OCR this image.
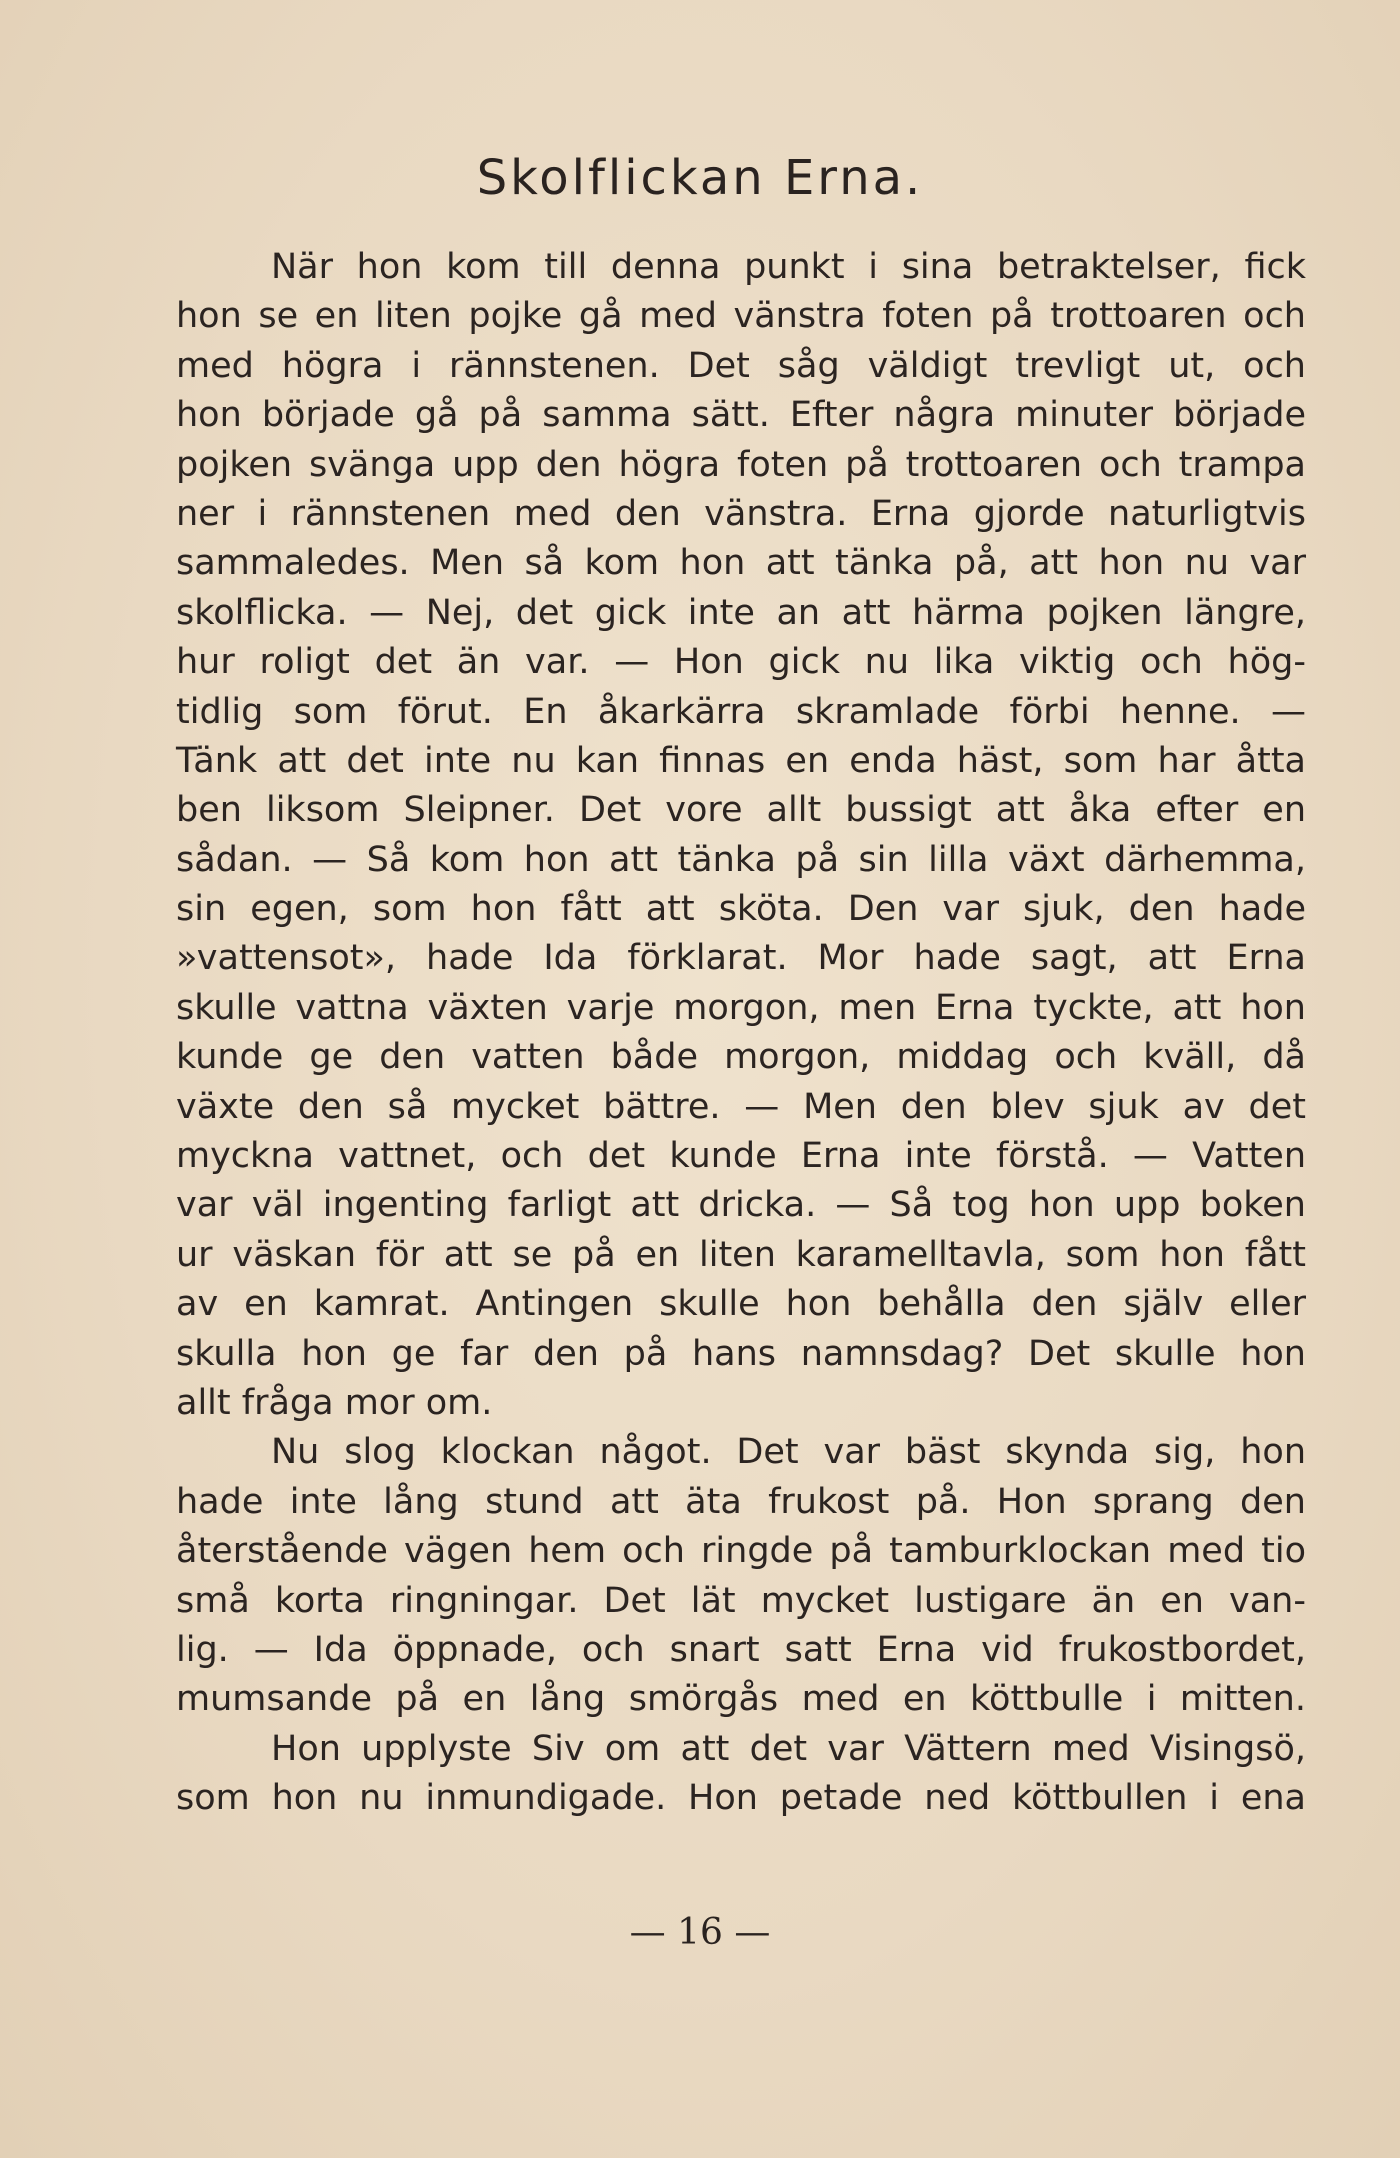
Skolflickan Erna.
När hon kom till denna punkt i sina betraktelser, fick
hon se en liten pojke gå med vänstra foten på trottoaren och
med högra i rännstenen. Det såg väldigt trevligt ut, och
hon började gå på samma sätt. Efter några minuter började
pojken svänga upp den högra foten på trottoaren och trampa
ner i rännstenen med den vänstra. Erna gjorde naturligtvis
sammaledes. Men så kom hon att tänka på, att hon nu var
skolflicka. — Nej, det gick inte an att härma pojken längre,
hur roligt det än var. — Hon gick nu lika viktig och hög-
tidlig som förut. En åkarkärra skramlade förbi henne. —
Tänk att det inte nu kan finnas en enda häst, som har åtta
ben liksom Sleipner. Det vore allt bussigt att åka efter en
sådan. — Så kom hon att tänka på sin lilla växt därhemma,
sin egen, som hon fått att sköta. Den var sjuk, den hade
»vattensot», hade Ida förklarat. Mor hade sagt, att Erna
skulle vattna växten varje morgon, men Erna tyckte, att hon
kunde ge den vatten både morgon, middag och kväll, då
växte den så mycket bättre. — Men den blev sjuk av det
myckna vattnet, och det kunde Erna inte förstå. — Vatten
var väl ingenting farligt att dricka. — Så tog hon upp boken
ur väskan för att se på en liten karamelltavla, som hon fått
av en kamrat. Antingen skulle hon behålla den själv eller
skulla hon ge far den på hans namnsdag? Det skulle hon
allt fråga mor om.
Nu slog klockan något. Det var bäst skynda sig, hon
hade inte lång stund att äta frukost på. Hon sprang den
återstående vägen hem och ringde på tamburklockan med tio
små korta ringningar. Det lät mycket lustigare än en van-
lig. — Ida öppnade, och snart satt Erna vid frukostbordet,
mumsande på en lång smörgås med en köttbulle i mitten.
Hon upplyste Siv om att det var Vättern med Visingsö,
som hon nu inmundigade. Hon petade ned köttbullen i ena
— 16 —
